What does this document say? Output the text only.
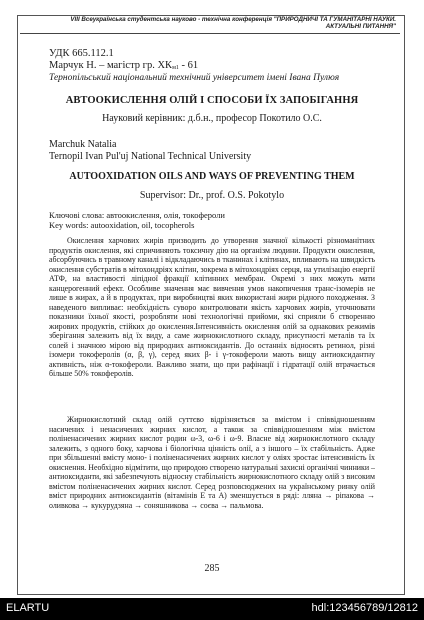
VIII Всеукраїнська студентська науково - технічна конференція "ПРИРОДНИЧІ ТА ГУМАНІТАРНІ НАУКИ.
АКТУАЛЬНІ ПИТАННЯ"
УДК 665.112.1
Марчук Н. – магістр гр. ХКм1 - 61
Тернопільський національний технічний університет імені Івана Пулюя
АВТООКИСЛЕННЯ ОЛІЙ І СПОСОБИ ЇХ ЗАПОБІГАННЯ
Науковий керівник: д.б.н., професор Покотило О.С.
Marchuk Natalia
Ternopil Ivan Pul'uj National Technical University
AUTOOXIDATION OILS AND WAYS OF PREVENTING THEM
Supervisor: Dr., prof. O.S. Pokotylo
Ключові слова: автоокислення, олія, токофероли
Key words: autooxidation, oil, tocopherols

Окислення харчових жирів призводить до утворення значної кількості різноманітних продуктів окислення, які спричиняють токсичну дію на організм людини. Продукти окислення, абсорбуючись в травному каналі і відкладаючись в тканинах і клітинах, впливають на швидкість окислення субстратів в мітохондріях клітин, зокрема в мітохондріях серця, на утилізацію енергії АТФ, на властивості ліпідної фракції клітинних мембран. Окремі з них можуть мати канцерогенний ефект. Особливе значення має вивчення умов накопичення транс-ізомерів не лише в жирах, а й в продуктах, при виробництві яких використані жири рідного походження. З наведеного випливає: необхідність суворо контролювати якість харчових жирів, уточнювати показники їхньої якості, розробляти нові технологічні прийоми, які сприяли б створенню жирових продуктів, стійких до окислення.Інтенсивність окислення олій за однакових режимів зберігання залежить від їх виду, а саме жирнокислотного складу, присутності металів та їх солей і значною мірою від природних антиоксидантів. До останніх відносять ретинол, різні ізомери токоферолів (α, β, γ), серед яких β- і γ-токофероли мають вищу антиоксидантну активність, ніж α-токофероли. Важливо знати, що при рафінації і гідратації олій втрачається більше 50% токоферолів.

Жирнокислотний склад олій суттєво відрізняється за вмістом і співвідношенням насичених і ненасичених жирних кислот, а також за співвідношенням між вмістом поліненасичених жирних кислот родин ω-3, ω-6 і ω-9. Власне від жирнокислотного складу залежить, з одного боку, харчова і біологічна цінність олії, а з іншого – їх стабільність. Адже при збільшенні вмісту моно- і поліненасичених жирних кислот у оліях зростає інтенсивність їх окиснення. Необхідно відмітити, що природою створено натуральні захисні органічні чинники – антиоксиданти, які забезпечують відносну стабільність жирнокислотного складу олій з високим вмістом поліненасичених жирних кислот. Серед розповсюджених на українському ринку олій вміст природних антиоксидантів (вітамінів Е та А) зменшується в ряді: лляна → ріпакова → оливкова → кукурудзяна → соняшникова → соєва → пальмова.

285
ELARTU	hdl:123456789/12812
